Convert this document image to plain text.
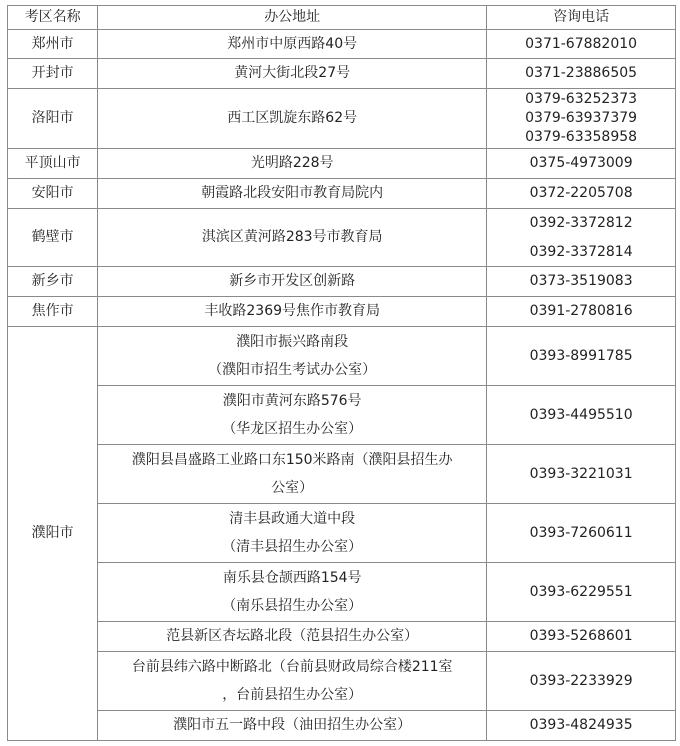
考区名称	办公地址	咨询电话
郑州市	郑州市中原西路40号	0371-67882010

开封市	黄河大街北段27号	0371-23886505

洛阳市	西工区凯旋东路62号	0379-63252373
0379-63937379
0379-63358958

平顶山市	光明路228号	0375-4973009

安阳市	朝霞路北段安阳市教育局院内	0372-2205708

鹤壁市	淇滨区黄河路283号市教育局	0392-3372812
0392-3372814

新乡市	新乡市开发区创新路	0373-3519083

焦作市	丰收路2369号焦作市教育局	0391-2780816

濮阳市	濮阳市振兴路南段
（濮阳市招生考试办公室）	0393-8991785

	濮阳市黄河东路576号
（华龙区招生办公室）	0393-4495510

	濮阳县昌盛路工业路口东150米路南（濮阳县招生办
公室）	0393-3221031

	清丰县政通大道中段
（清丰县招生办公室）	0393-7260611

	南乐县仓颉西路154号
（南乐县招生办公室）	0393-6229551

	范县新区杏坛路北段（范县招生办公室）	0393-5268601

	台前县纬六路中断路北（台前县财政局综合楼211室
，台前县招生办公室）	0393-2233929

	濮阳市五一路中段（油田招生办公室）	0393-4824935
